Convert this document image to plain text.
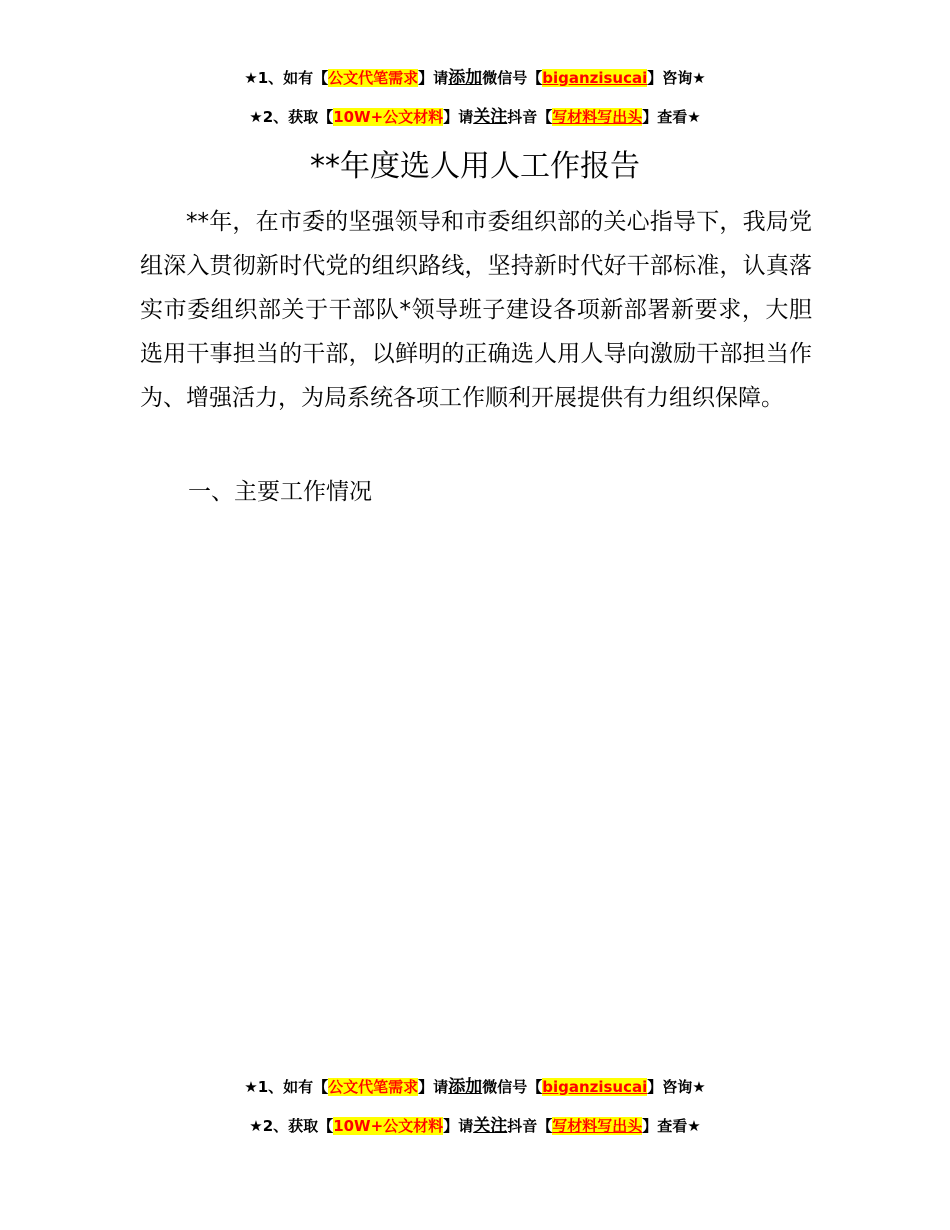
★1、如有【公文代笔需求】请添加微信号【biganzisucai】咨询★
★2、获取【10W+公文材料】请关注抖音【写材料写出头】查看★
**年度选人用人工作报告

**年，在市委的坚强领导和市委组织部的关心指导下，我局党组深入贯彻新时代党的组织路线，坚持新时代好干部标准，认真落实市委组织部关于干部队*领导班子建设各项新部署新要求，大胆选用干事担当的干部，以鲜明的正确选人用人导向激励干部担当作为、增强活力，为局系统各项工作顺利开展提供有力组织保障。

一、主要工作情况

★1、如有【公文代笔需求】请添加微信号【biganzisucai】咨询★
★2、获取【10W+公文材料】请关注抖音【写材料写出头】查看★
